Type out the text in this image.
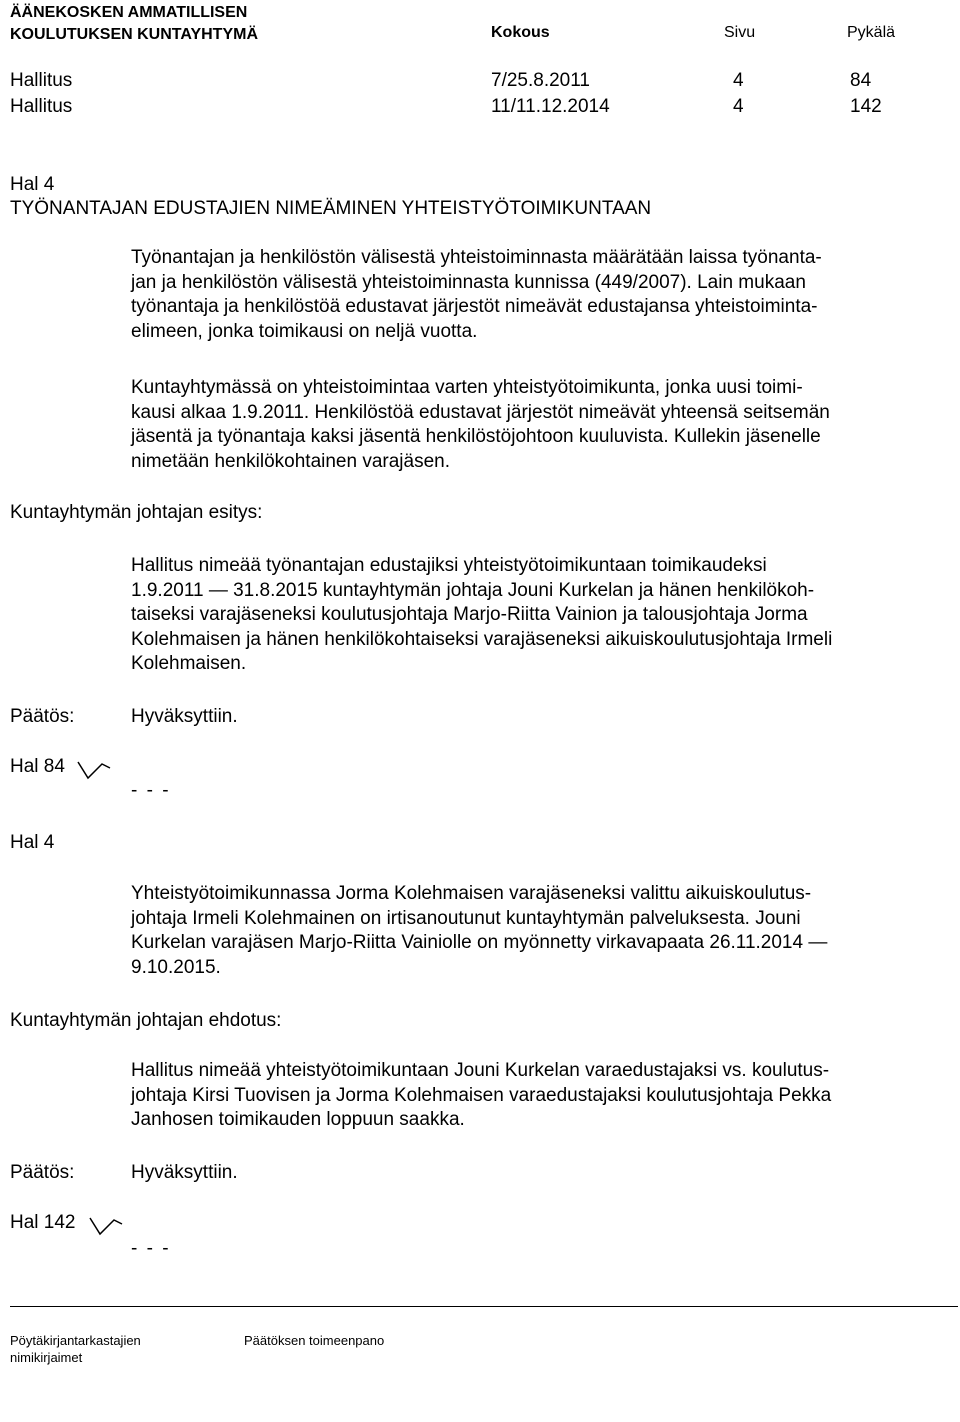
ÄÄNEKOSKEN AMMATILLISEN
KOULUTUKSEN KUNTAYHTYMÄ	Kokous	Sivu	Pykälä
Hallitus	7/25.8.2011	4	84
Hallitus	11/11.12.2014	4	142
Hal 4
TYÖNANTAJAN EDUSTAJIEN NIMEÄMINEN YHTEISTYÖTOIMIKUNTAAN
Työnantajan ja henkilöstön välisestä yhteistoiminnasta määrätään laissa työnanta-
jan ja henkilöstön välisestä yhteistoiminnasta kunnissa (449/2007). Lain mukaan
työnantaja ja henkilöstöä edustavat järjestöt nimeävät edustajansa yhteistoiminta-
elimeen, jonka toimikausi on neljä vuotta.
Kuntayhtymässä on yhteistoimintaa varten yhteistyötoimikunta, jonka uusi toimi-
kausi alkaa 1.9.2011. Henkilöstöä edustavat järjestöt nimeävät yhteensä seitsemän
jäsentä ja työnantaja kaksi jäsentä henkilöstöjohtoon kuuluvista. Kullekin jäsenelle
nimetään henkilökohtainen varajäsen.
Kuntayhtymän johtajan esitys:
Hallitus nimeää työnantajan edustajiksi yhteistyötoimikuntaan toimikaudeksi
1.9.2011 — 31.8.2015 kuntayhtymän johtaja Jouni Kurkelan ja hänen henkilökoh-
taiseksi varajäseneksi koulutusjohtaja Marjo-Riitta Vainion ja talousjohtaja Jorma
Kolehmaisen ja hänen henkilökohtaiseksi varajäseneksi aikuiskoulutusjohtaja Irmeli
Kolehmaisen.
Päätös:	Hyväksyttiin.
Hal 84
- - -
Hal 4
Yhteistyötoimikunnassa Jorma Kolehmaisen varajäseneksi valittu aikuiskoulutus-
johtaja Irmeli Kolehmainen on irtisanoutunut kuntayhtymän palveluksesta. Jouni
Kurkelan varajäsen Marjo-Riitta Vainiolle on myönnetty virkavapaata 26.11.2014 —
9.10.2015.
Kuntayhtymän johtajan ehdotus:
Hallitus nimeää yhteistyötoimikuntaan Jouni Kurkelan varaedustajaksi vs. koulutus-
johtaja Kirsi Tuovisen ja Jorma Kolehmaisen varaedustajaksi koulutusjohtaja Pekka
Janhosen toimikauden loppuun saakka.
Päätös:	Hyväksyttiin.
Hal 142
- - -
Pöytäkirjantarkastajien
nimikirjaimet
Päätöksen toimeenpano
